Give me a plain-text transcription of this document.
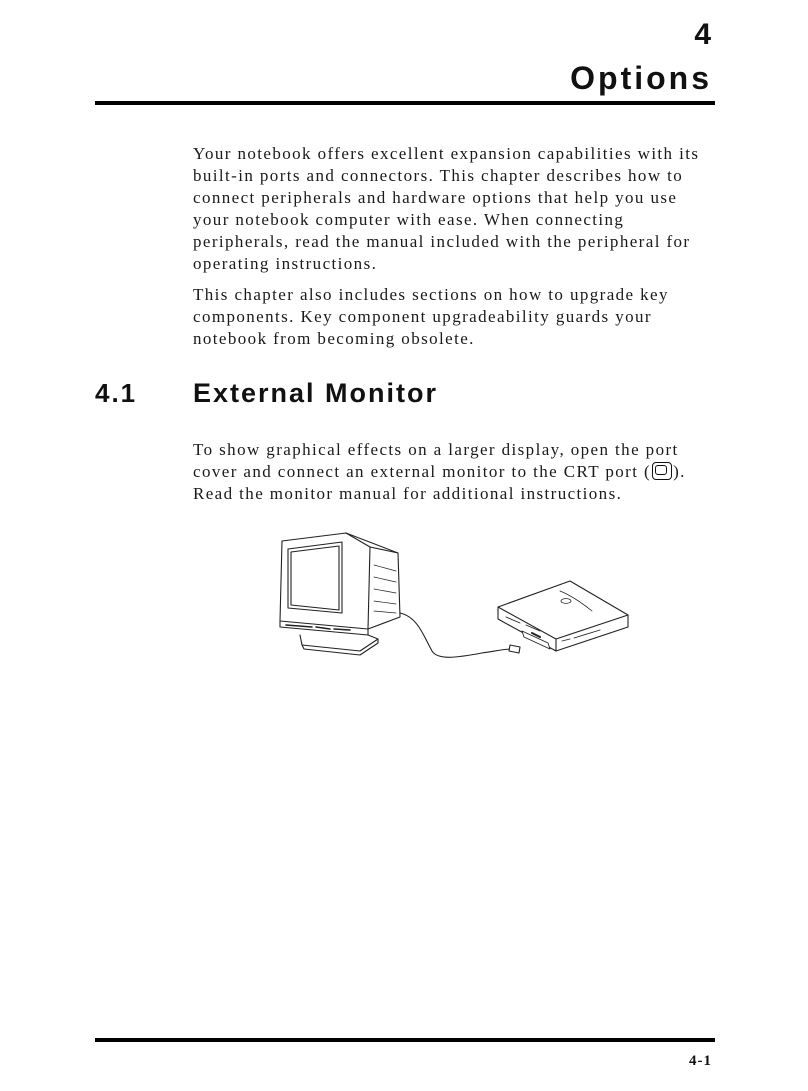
4
Options

Your notebook offers excellent expansion capabilities with its built-in ports and connectors. This chapter describes how to connect peripherals and hardware options that help you use your notebook computer with ease. When connecting peripherals, read the manual included with the peripheral for operating instructions.

This chapter also includes sections on how to upgrade key components. Key component upgradeability guards your notebook from becoming obsolete.

4.1 External Monitor

To show graphical effects on a larger display, open the port cover and connect an external monitor to the CRT port ( ). Read the monitor manual for additional instructions.

4-1
